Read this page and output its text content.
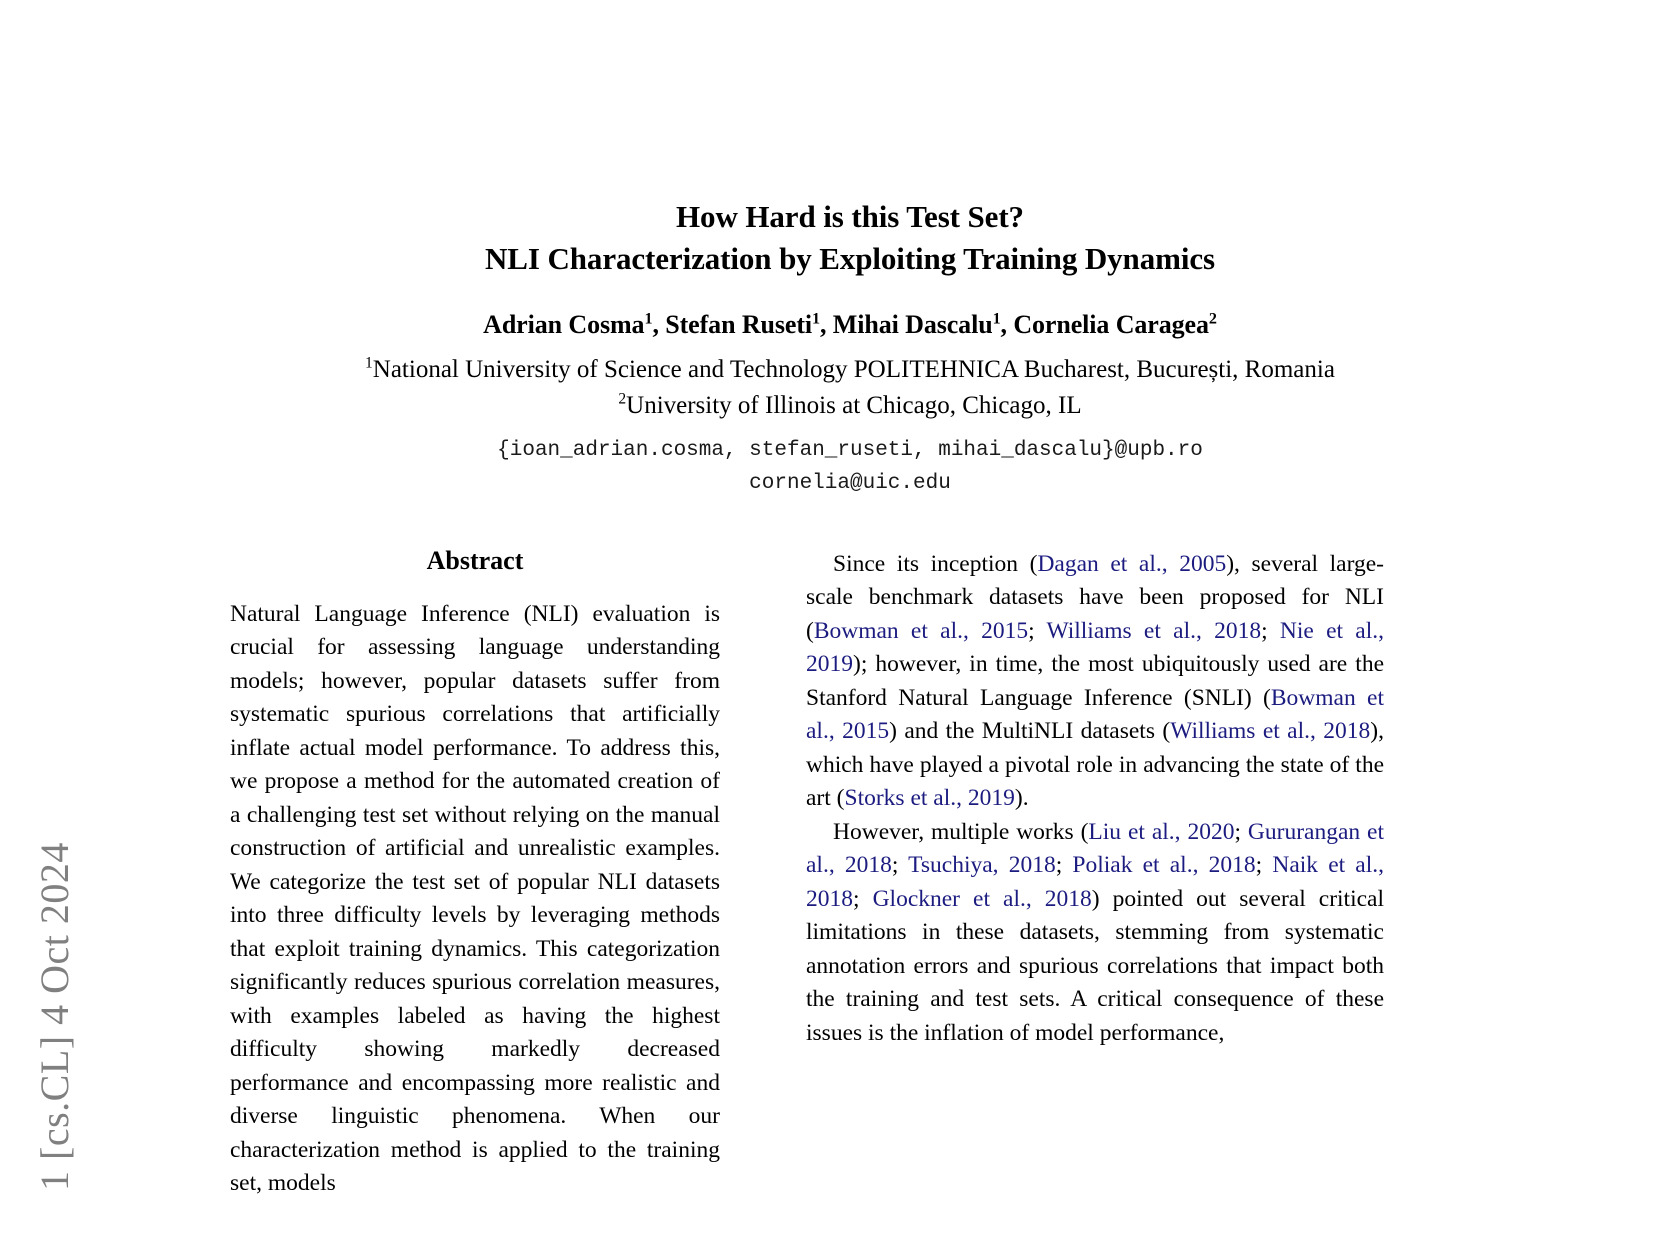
1 [cs.CL] 4 Oct 2024
How Hard is this Test Set?
NLI Characterization by Exploiting Training Dynamics
Adrian Cosma$^1$, Stefan Ruseti$^1$, Mihai Dascalu$^1$, Cornelia Caragea$^2$
$^1$National University of Science and Technology POLITEHNICA Bucharest, București, Romania
$^2$University of Illinois at Chicago, Chicago, IL
{ioan_adrian.cosma, stefan_ruseti, mihai_dascalu}@upb.ro
cornelia@uic.edu
Abstract

Natural Language Inference (NLI) evaluation is crucial for assessing language understanding models; however, popular datasets suffer from systematic spurious correlations that artificially inflate actual model performance. To address this, we propose a method for the automated creation of a challenging test set without relying on the manual construction of artificial and unrealistic examples. We categorize the test set of popular NLI datasets into three difficulty levels by leveraging methods that exploit training dynamics. This categorization significantly reduces spurious correlation measures, with examples labeled as having the highest difficulty showing markedly decreased performance and encompassing more realistic and diverse linguistic phenomena. When our characterization method is applied to the training set, models

Since its inception (Dagan et al., 2005), several large-scale benchmark datasets have been proposed for NLI (Bowman et al., 2015; Williams et al., 2018; Nie et al., 2019); however, in time, the most ubiquitously used are the Stanford Natural Language Inference (SNLI) (Bowman et al., 2015) and the MultiNLI datasets (Williams et al., 2018), which have played a pivotal role in advancing the state of the art (Storks et al., 2019).

However, multiple works (Liu et al., 2020; Gururangan et al., 2018; Tsuchiya, 2018; Poliak et al., 2018; Naik et al., 2018; Glockner et al., 2018) pointed out several critical limitations in these datasets, stemming from systematic annotation errors and spurious correlations that impact both the training and test sets. A critical consequence of these issues is the inflation of model performance,
